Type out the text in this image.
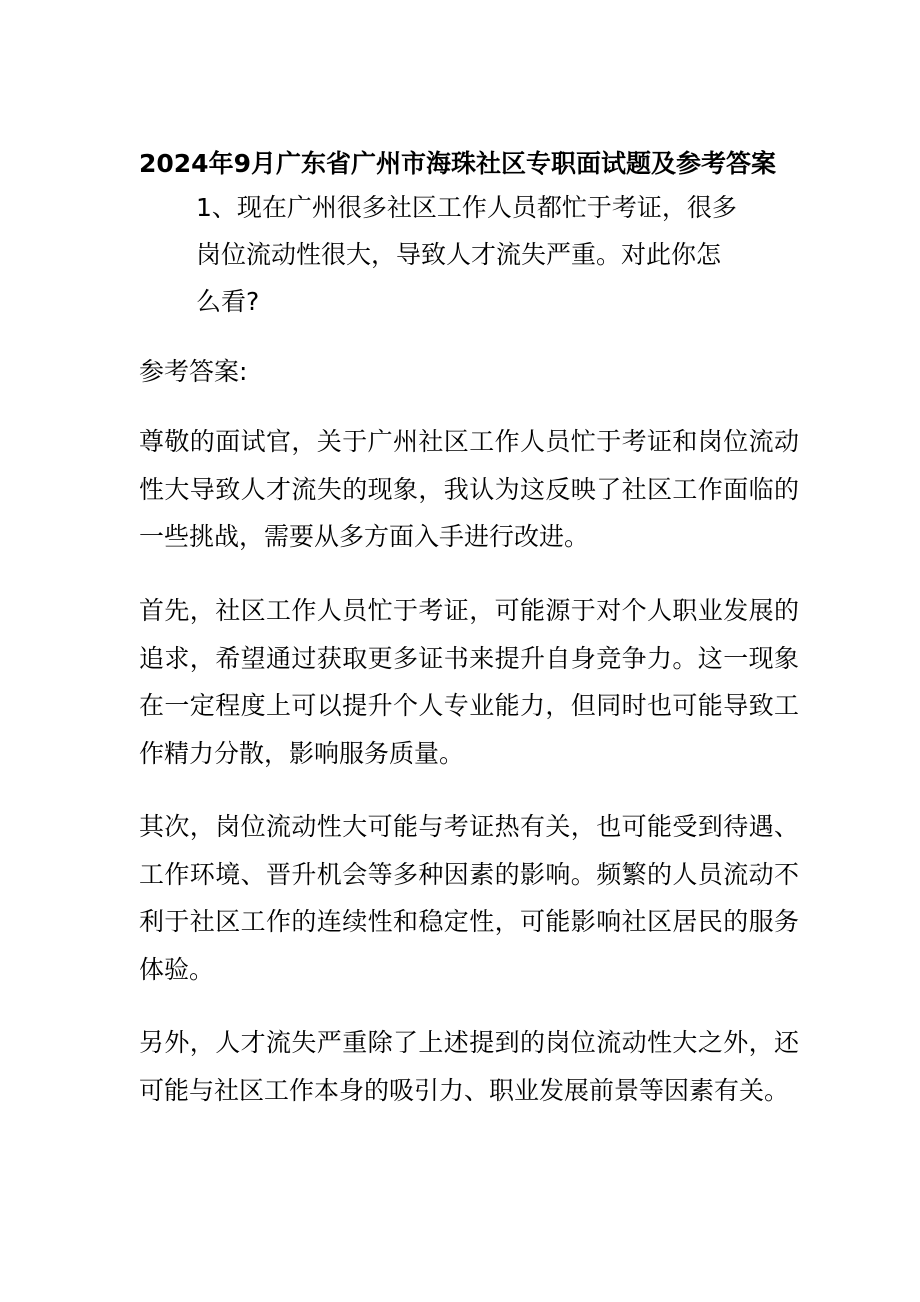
2024年9月广东省广州市海珠社区专职面试题及参考答案
1、现在广州很多社区工作人员都忙于考证，很多
岗位流动性很大，导致人才流失严重。对此你怎
么看?
参考答案:
尊敬的面试官，关于广州社区工作人员忙于考证和岗位流动性大导致人才流失的现象，我认为这反映了社区工作面临的一些挑战，需要从多方面入手进行改进。
首先，社区工作人员忙于考证，可能源于对个人职业发展的追求，希望通过获取更多证书来提升自身竞争力。这一现象在一定程度上可以提升个人专业能力，但同时也可能导致工作精力分散，影响服务质量。
其次，岗位流动性大可能与考证热有关，也可能受到待遇、工作环境、晋升机会等多种因素的影响。频繁的人员流动不利于社区工作的连续性和稳定性，可能影响社区居民的服务体验。
另外，人才流失严重除了上述提到的岗位流动性大之外，还可能与社区工作本身的吸引力、职业发展前景等因素有关。
